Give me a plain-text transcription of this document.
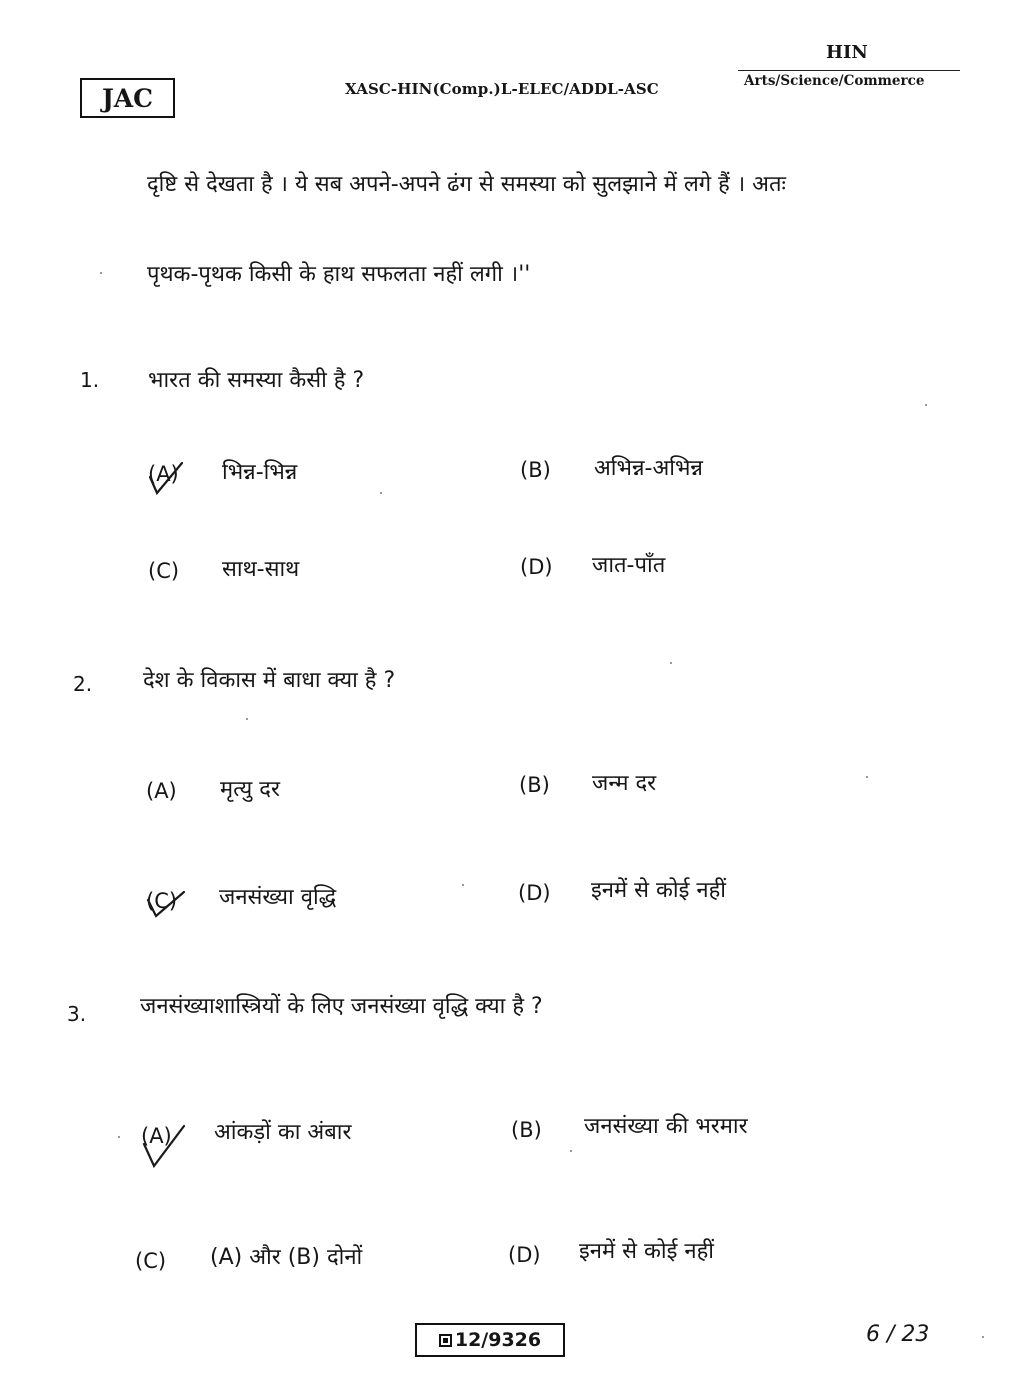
JAC	XASC-HIN(Comp.)L-ELEC/ADDL-ASC
HIN
Arts/Science/Commerce
दृष्टि से देखता है । ये सब अपने-अपने ढंग से समस्या को सुलझाने में लगे हैं । अतः
पृथक-पृथक किसी के हाथ सफलता नहीं लगी ।''
1. भारत की समस्या कैसी है ?
(A) भिन्न-भिन्न	(B) अभिन्न-अभिन्न
(C) साथ-साथ	(D) जात-पाँत
2. देश के विकास में बाधा क्या है ?
(A) मृत्यु दर	(B) जन्म दर
(C) जनसंख्या वृद्धि	(D) इनमें से कोई नहीं
3. जनसंख्याशास्त्रियों के लिए जनसंख्या वृद्धि क्या है ?
(A) आंकड़ों का अंबार	(B) जनसंख्या की भरमार
(C) (A) और (B) दोनों	(D) इनमें से कोई नहीं
12/9326	6 / 23
